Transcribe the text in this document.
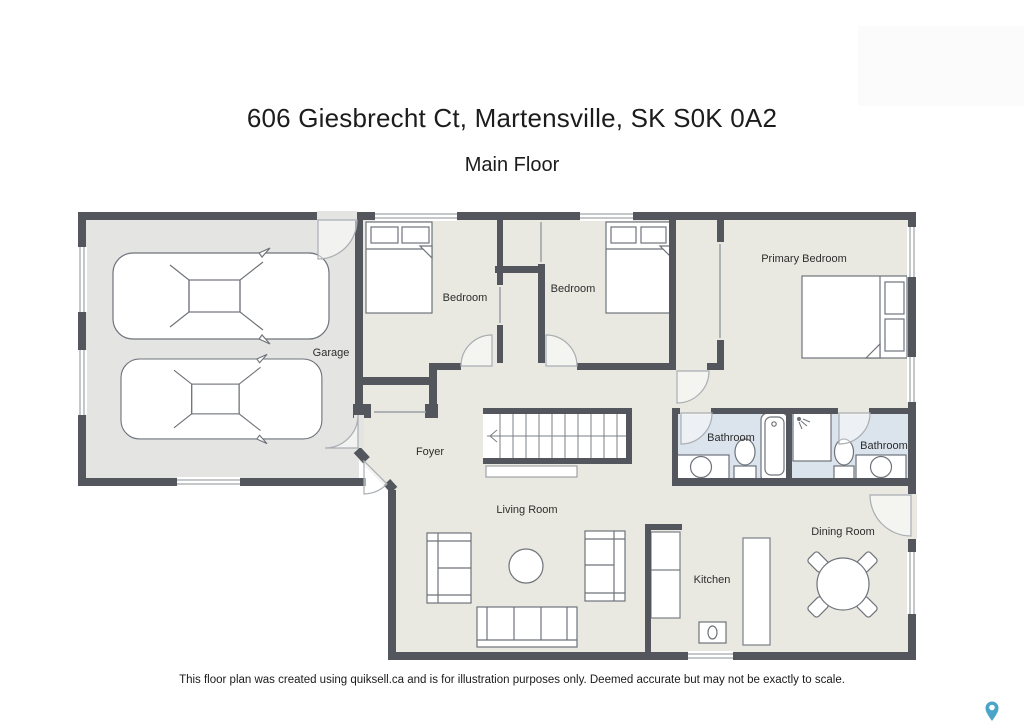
606 Giesbrecht Ct, Martensville, SK S0K 0A2
Main Floor
Garage
Bedroom
Bedroom
Primary Bedroom
Foyer
Living Room
Bathroom
Bathroom
Kitchen
Dining Room
This floor plan was created using quiksell.ca and is for illustration purposes only. Deemed accurate but may not be exactly to scale.
